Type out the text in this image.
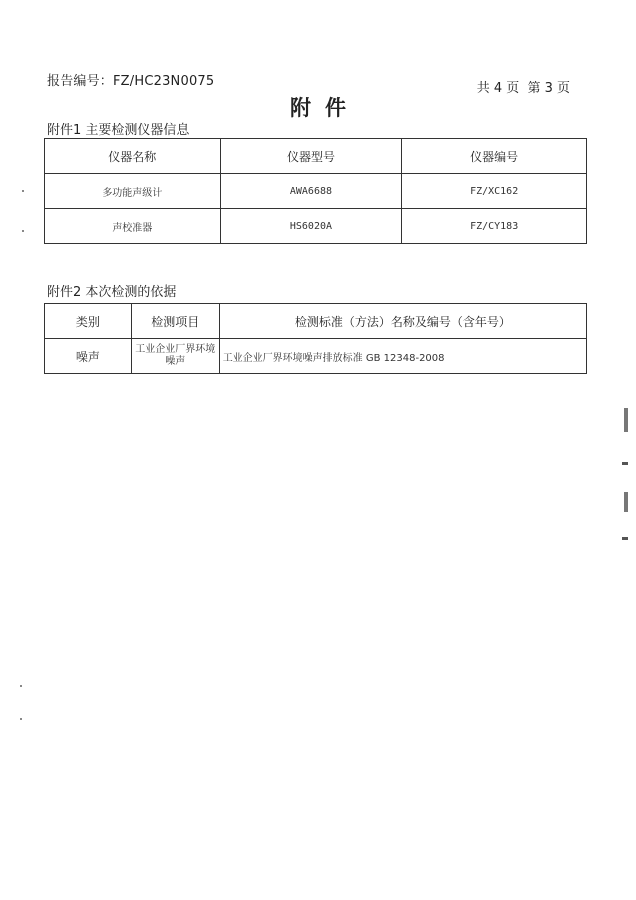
报告编号：FZ/HC23N0075	共 4 页 第 3 页
附件
附件1 主要检测仪器信息
仪器名称	仪器型号	仪器编号
多功能声级计	AWA6688	FZ/XC162
声校准器	HS6020A	FZ/CY183
附件2 本次检测的依据
类别	检测项目	检测标准（方法）名称及编号（含年号）
噪声	工业企业厂界环境噪声	工业企业厂界环境噪声排放标准 GB 12348-2008
